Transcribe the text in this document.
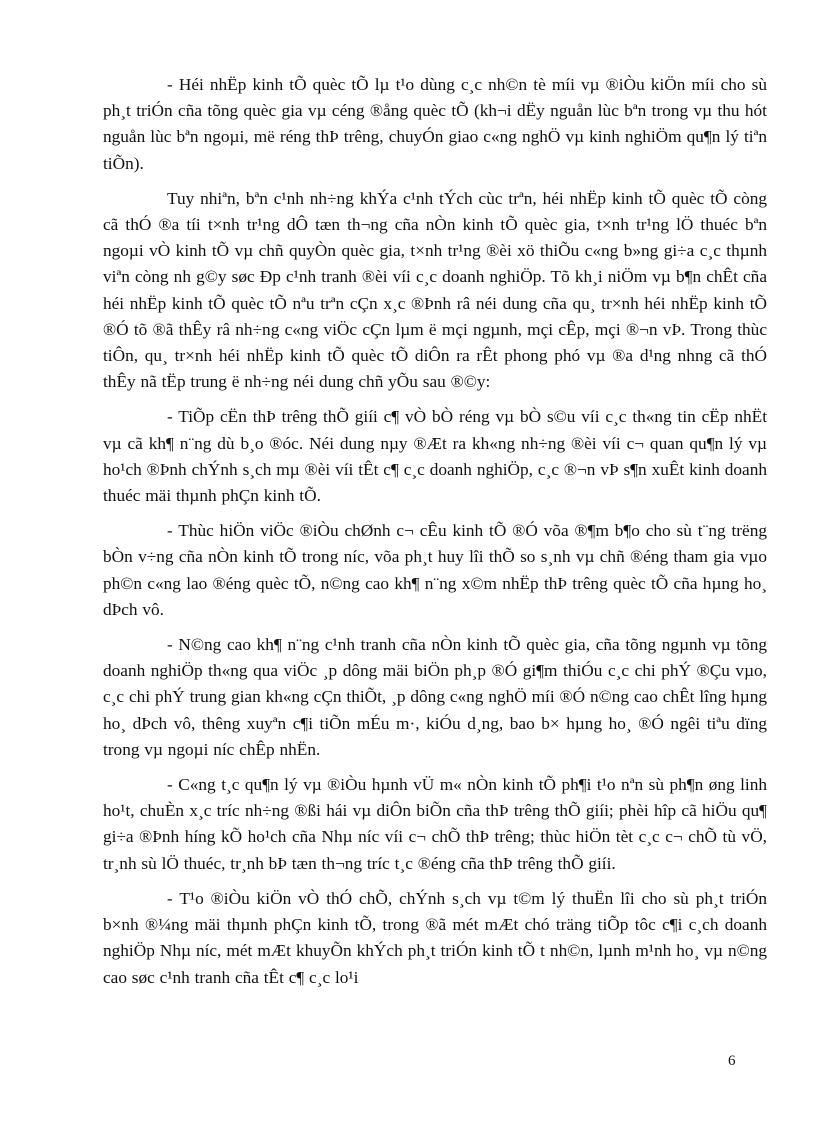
- Héi nhËp kinh tÕ quèc tÕ lµ t¹o dùng c¸c nh©n tè míi vµ ®iÒu kiÖn míi cho sù ph¸t triÓn cña tõng quèc gia vµ céng ®ång quèc tÕ (kh¬i dËy nguån lùc bªn trong vµ thu hót nguån lùc bªn ngoµi, më réng thÞ trêng, chuyÓn giao c«ng nghÖ vµ kinh nghiÖm qu¶n lý tiªn tiÕn).

Tuy nhiªn, bªn c¹nh nh÷ng khÝa c¹nh tÝch cùc trªn, héi nhËp kinh tÕ quèc tÕ còng cã thÓ ®a tíi t×nh tr¹ng dÔ tæn th¬ng cña nÒn kinh tÕ quèc gia, t×nh tr¹ng lÖ thuéc bªn ngoµi vÒ kinh tÕ vµ chñ quyÒn quèc gia, t×nh tr¹ng ®èi xö thiÕu c«ng b»ng gi÷a c¸c thµnh viªn còng nh g©y søc Ðp c¹nh tranh ®èi víi c¸c doanh nghiÖp. Tõ kh¸i niÖm vµ b¶n chÊt cña héi nhËp kinh tÕ quèc tÕ nªu trªn cÇn x¸c ®Þnh râ néi dung cña qu¸ tr×nh héi nhËp kinh tÕ ®Ó tõ ®ã thÊy râ nh÷ng c«ng viÖc cÇn lµm ë mçi ngµnh, mçi cÊp, mçi ®¬n vÞ. Trong thùc tiÔn, qu¸ tr×nh héi nhËp kinh tÕ quèc tÕ diÔn ra rÊt phong phó vµ ®a d¹ng nhng cã thÓ thÊy nã tËp trung ë nh÷ng néi dung chñ yÕu sau ®©y:

- TiÕp cËn thÞ trêng thÕ giíi c¶ vÒ bÒ réng vµ bÒ s©u víi c¸c th«ng tin cËp nhËt vµ cã kh¶ n¨ng dù b¸o ®óc. Néi dung nµy ®Æt ra kh«ng nh÷ng ®èi víi c¬ quan qu¶n lý vµ ho¹ch ®Þnh chÝnh s¸ch mµ ®èi víi tÊt c¶ c¸c doanh nghiÖp, c¸c ®¬n vÞ s¶n xuÊt kinh doanh thuéc mäi thµnh phÇn kinh tÕ.

- Thùc hiÖn viÖc ®iÒu chØnh c¬ cÊu kinh tÕ ®Ó võa ®¶m b¶o cho sù t¨ng trëng bÒn v÷ng cña nÒn kinh tÕ trong níc, võa ph¸t huy lîi thÕ so s¸nh vµ chñ ®éng tham gia vµo ph©n c«ng lao ®éng quèc tÕ, n©ng cao kh¶ n¨ng x©m nhËp thÞ trêng quèc tÕ cña hµng ho¸ dÞch vô.

- N©ng cao kh¶ n¨ng c¹nh tranh cña nÒn kinh tÕ quèc gia, cña tõng ngµnh vµ tõng doanh nghiÖp th«ng qua viÖc ¸p dông mäi biÖn ph¸p ®Ó gi¶m thiÓu c¸c chi phÝ ®Çu vµo, c¸c chi phÝ trung gian kh«ng cÇn thiÕt, ¸p dông c«ng nghÖ míi ®Ó n©ng cao chÊt lîng hµng ho¸ dÞch vô, thêng xuyªn c¶i tiÕn mÉu m·, kiÓu d¸ng, bao b× hµng ho¸ ®Ó ngêi tiªu dïng trong vµ ngoµi níc chÊp nhËn.

- C«ng t¸c qu¶n lý vµ ®iÒu hµnh vÜ m« nÒn kinh tÕ ph¶i t¹o nªn sù ph¶n øng linh ho¹t, chuÈn x¸c tríc nh÷ng ®ßi hái vµ diÔn biÕn cña thÞ trêng thÕ giíi; phèi hîp cã hiÖu qu¶ gi÷a ®Þnh híng kÕ ho¹ch cña Nhµ níc víi c¬ chÕ thÞ trêng; thùc hiÖn tèt c¸c c¬ chÕ tù vÖ, tr¸nh sù lÖ thuéc, tr¸nh bÞ tæn th¬ng tríc t¸c ®éng cña thÞ trêng thÕ giíi.

- T¹o ®iÒu kiÖn vÒ thÓ chÕ, chÝnh s¸ch vµ t©m lý thuËn lîi cho sù ph¸t triÓn b×nh ®¼ng mäi thµnh phÇn kinh tÕ, trong ®ã mét mÆt chó träng tiÕp tôc c¶i c¸ch doanh nghiÖp Nhµ níc, mét mÆt khuyÕn khÝch ph¸t triÓn kinh tÕ t nh©n, lµnh m¹nh ho¸ vµ n©ng cao søc c¹nh tranh cña tÊt c¶ c¸c lo¹i

6
